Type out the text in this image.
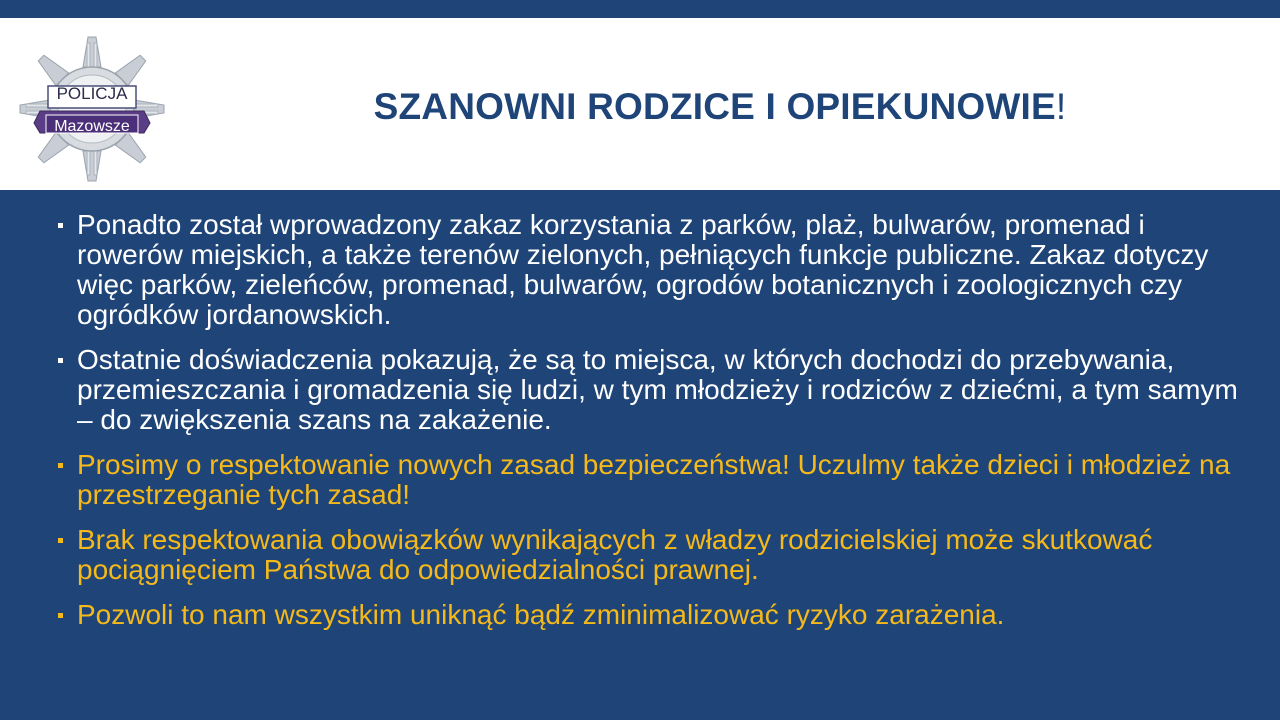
POLICJA
Mazowsze	SZANOWNI RODZICE I OPIEKUNOWIE!
Ponadto został wprowadzony zakaz korzystania z parków, plaż, bulwarów, promenad i rowerów miejskich, a także terenów zielonych, pełniących funkcje publiczne. Zakaz dotyczy więc parków, zieleńców, promenad, bulwarów, ogrodów botanicznych i zoologicznych czy ogródków jordanowskich.
Ostatnie doświadczenia pokazują, że są to miejsca, w których dochodzi do przebywania, przemieszczania i gromadzenia się ludzi, w tym młodzieży i rodziców z dziećmi, a tym samym – do zwiększenia szans na zakażenie.
Prosimy o respektowanie nowych zasad bezpieczeństwa! Uczulmy także dzieci i młodzież na przestrzeganie tych zasad!
Brak respektowania obowiązków wynikających z władzy rodzicielskiej może skutkować pociągnięciem Państwa do odpowiedzialności prawnej.
Pozwoli to nam wszystkim uniknąć bądź zminimalizować ryzyko zarażenia.
